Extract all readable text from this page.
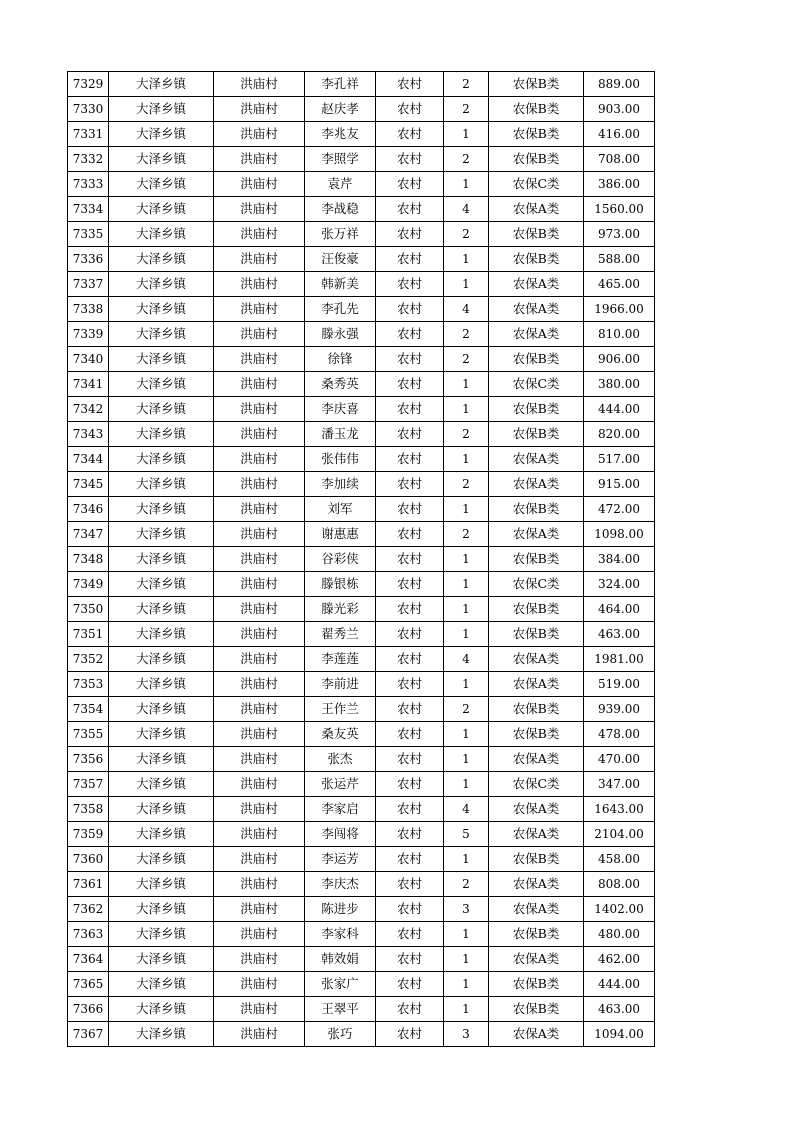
7329	大泽乡镇	洪庙村	李孔祥	农村	2	农保B类	889.00
7330	大泽乡镇	洪庙村	赵庆孝	农村	2	农保B类	903.00
7331	大泽乡镇	洪庙村	李兆友	农村	1	农保B类	416.00
7332	大泽乡镇	洪庙村	李照学	农村	2	农保B类	708.00
7333	大泽乡镇	洪庙村	袁芹	农村	1	农保C类	386.00
7334	大泽乡镇	洪庙村	李战稳	农村	4	农保A类	1560.00
7335	大泽乡镇	洪庙村	张万祥	农村	2	农保B类	973.00
7336	大泽乡镇	洪庙村	汪俊豪	农村	1	农保B类	588.00
7337	大泽乡镇	洪庙村	韩新美	农村	1	农保A类	465.00
7338	大泽乡镇	洪庙村	李孔先	农村	4	农保A类	1966.00
7339	大泽乡镇	洪庙村	滕永强	农村	2	农保A类	810.00
7340	大泽乡镇	洪庙村	徐锋	农村	2	农保B类	906.00
7341	大泽乡镇	洪庙村	桑秀英	农村	1	农保C类	380.00
7342	大泽乡镇	洪庙村	李庆喜	农村	1	农保B类	444.00
7343	大泽乡镇	洪庙村	潘玉龙	农村	2	农保B类	820.00
7344	大泽乡镇	洪庙村	张伟伟	农村	1	农保A类	517.00
7345	大泽乡镇	洪庙村	李加续	农村	2	农保A类	915.00
7346	大泽乡镇	洪庙村	刘军	农村	1	农保B类	472.00
7347	大泽乡镇	洪庙村	谢惠惠	农村	2	农保A类	1098.00
7348	大泽乡镇	洪庙村	谷彩侠	农村	1	农保B类	384.00
7349	大泽乡镇	洪庙村	滕银栋	农村	1	农保C类	324.00
7350	大泽乡镇	洪庙村	滕光彩	农村	1	农保B类	464.00
7351	大泽乡镇	洪庙村	翟秀兰	农村	1	农保B类	463.00
7352	大泽乡镇	洪庙村	李莲莲	农村	4	农保A类	1981.00
7353	大泽乡镇	洪庙村	李前进	农村	1	农保A类	519.00
7354	大泽乡镇	洪庙村	王作兰	农村	2	农保B类	939.00
7355	大泽乡镇	洪庙村	桑友英	农村	1	农保B类	478.00
7356	大泽乡镇	洪庙村	张杰	农村	1	农保A类	470.00
7357	大泽乡镇	洪庙村	张运芹	农村	1	农保C类	347.00
7358	大泽乡镇	洪庙村	李家启	农村	4	农保A类	1643.00
7359	大泽乡镇	洪庙村	李闯将	农村	5	农保A类	2104.00
7360	大泽乡镇	洪庙村	李运芳	农村	1	农保B类	458.00
7361	大泽乡镇	洪庙村	李庆杰	农村	2	农保A类	808.00
7362	大泽乡镇	洪庙村	陈进步	农村	3	农保A类	1402.00
7363	大泽乡镇	洪庙村	李家科	农村	1	农保B类	480.00
7364	大泽乡镇	洪庙村	韩效娟	农村	1	农保A类	462.00
7365	大泽乡镇	洪庙村	张家广	农村	1	农保B类	444.00
7366	大泽乡镇	洪庙村	王翠平	农村	1	农保B类	463.00
7367	大泽乡镇	洪庙村	张巧	农村	3	农保A类	1094.00
